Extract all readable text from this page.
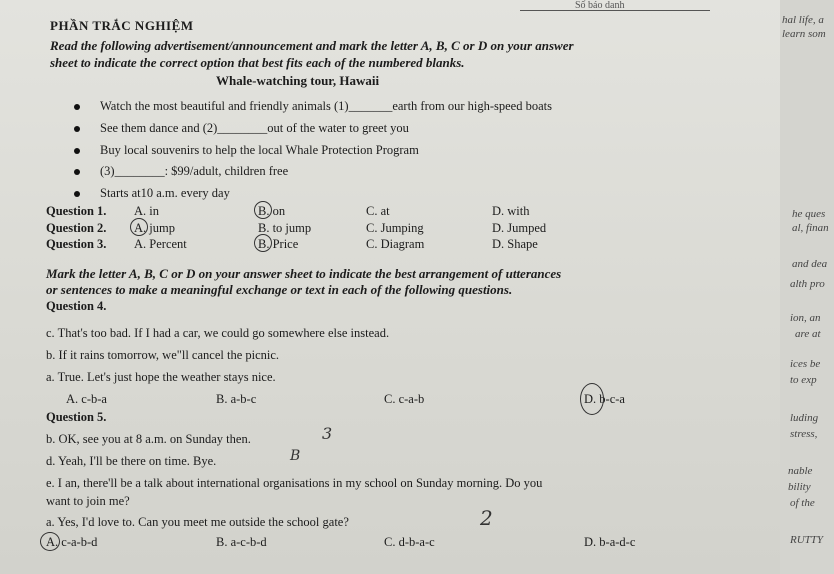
Số báo danh
PHẦN TRẮC NGHIỆM
Read the following advertisement/announcement and mark the letter A, B, C or D on your answer
sheet to indicate the correct option that best fits each of the numbered blanks.
Whale-watching tour, Hawaii
Watch the most beautiful and friendly animals (1)_______earth from our high-speed boats
See them dance and (2)________out of the water to greet you
Buy local souvenirs to help the local Whale Protection Program
(3)________: $99/adult, children free
Starts at10 a.m. every day
Question 1. A. in	B. on	C. at	D. with
Question 2. A. jump	B. to jump	C. Jumping	D. Jumped
Question 3. A. Percent	B. Price	C. Diagram	D. Shape
Mark the letter A, B, C or D on your answer sheet to indicate the best arrangement of utterances
or sentences to make a meaningful exchange or text in each of the following questions.
Question 4.
c. That's too bad. If I had a car, we could go somewhere else instead.
b. If it rains tomorrow, we"ll cancel the picnic.
a. True. Let's just hope the weather stays nice.
A. c-b-a	B. a-b-c	C. c-a-b	D. b-c-a
Question 5.
b. OK, see you at 8 a.m. on Sunday then.	3
d. Yeah, I'll be there on time. Bye.	B
e. I an, there'll be a talk about international organisations in my school on Sunday morning. Do you
want to join me?
a. Yes, I'd love to. Can you meet me outside the school gate?	2
A. c-a-b-d	B. a-c-b-d	C. d-b-a-c	D. b-a-d-c
hal life, a
learn som
he ques
al, finan
and dea
alth pro
ion, an
are at
ices be
to exp
luding
stress,
nable
bility
of the
RUTTY
